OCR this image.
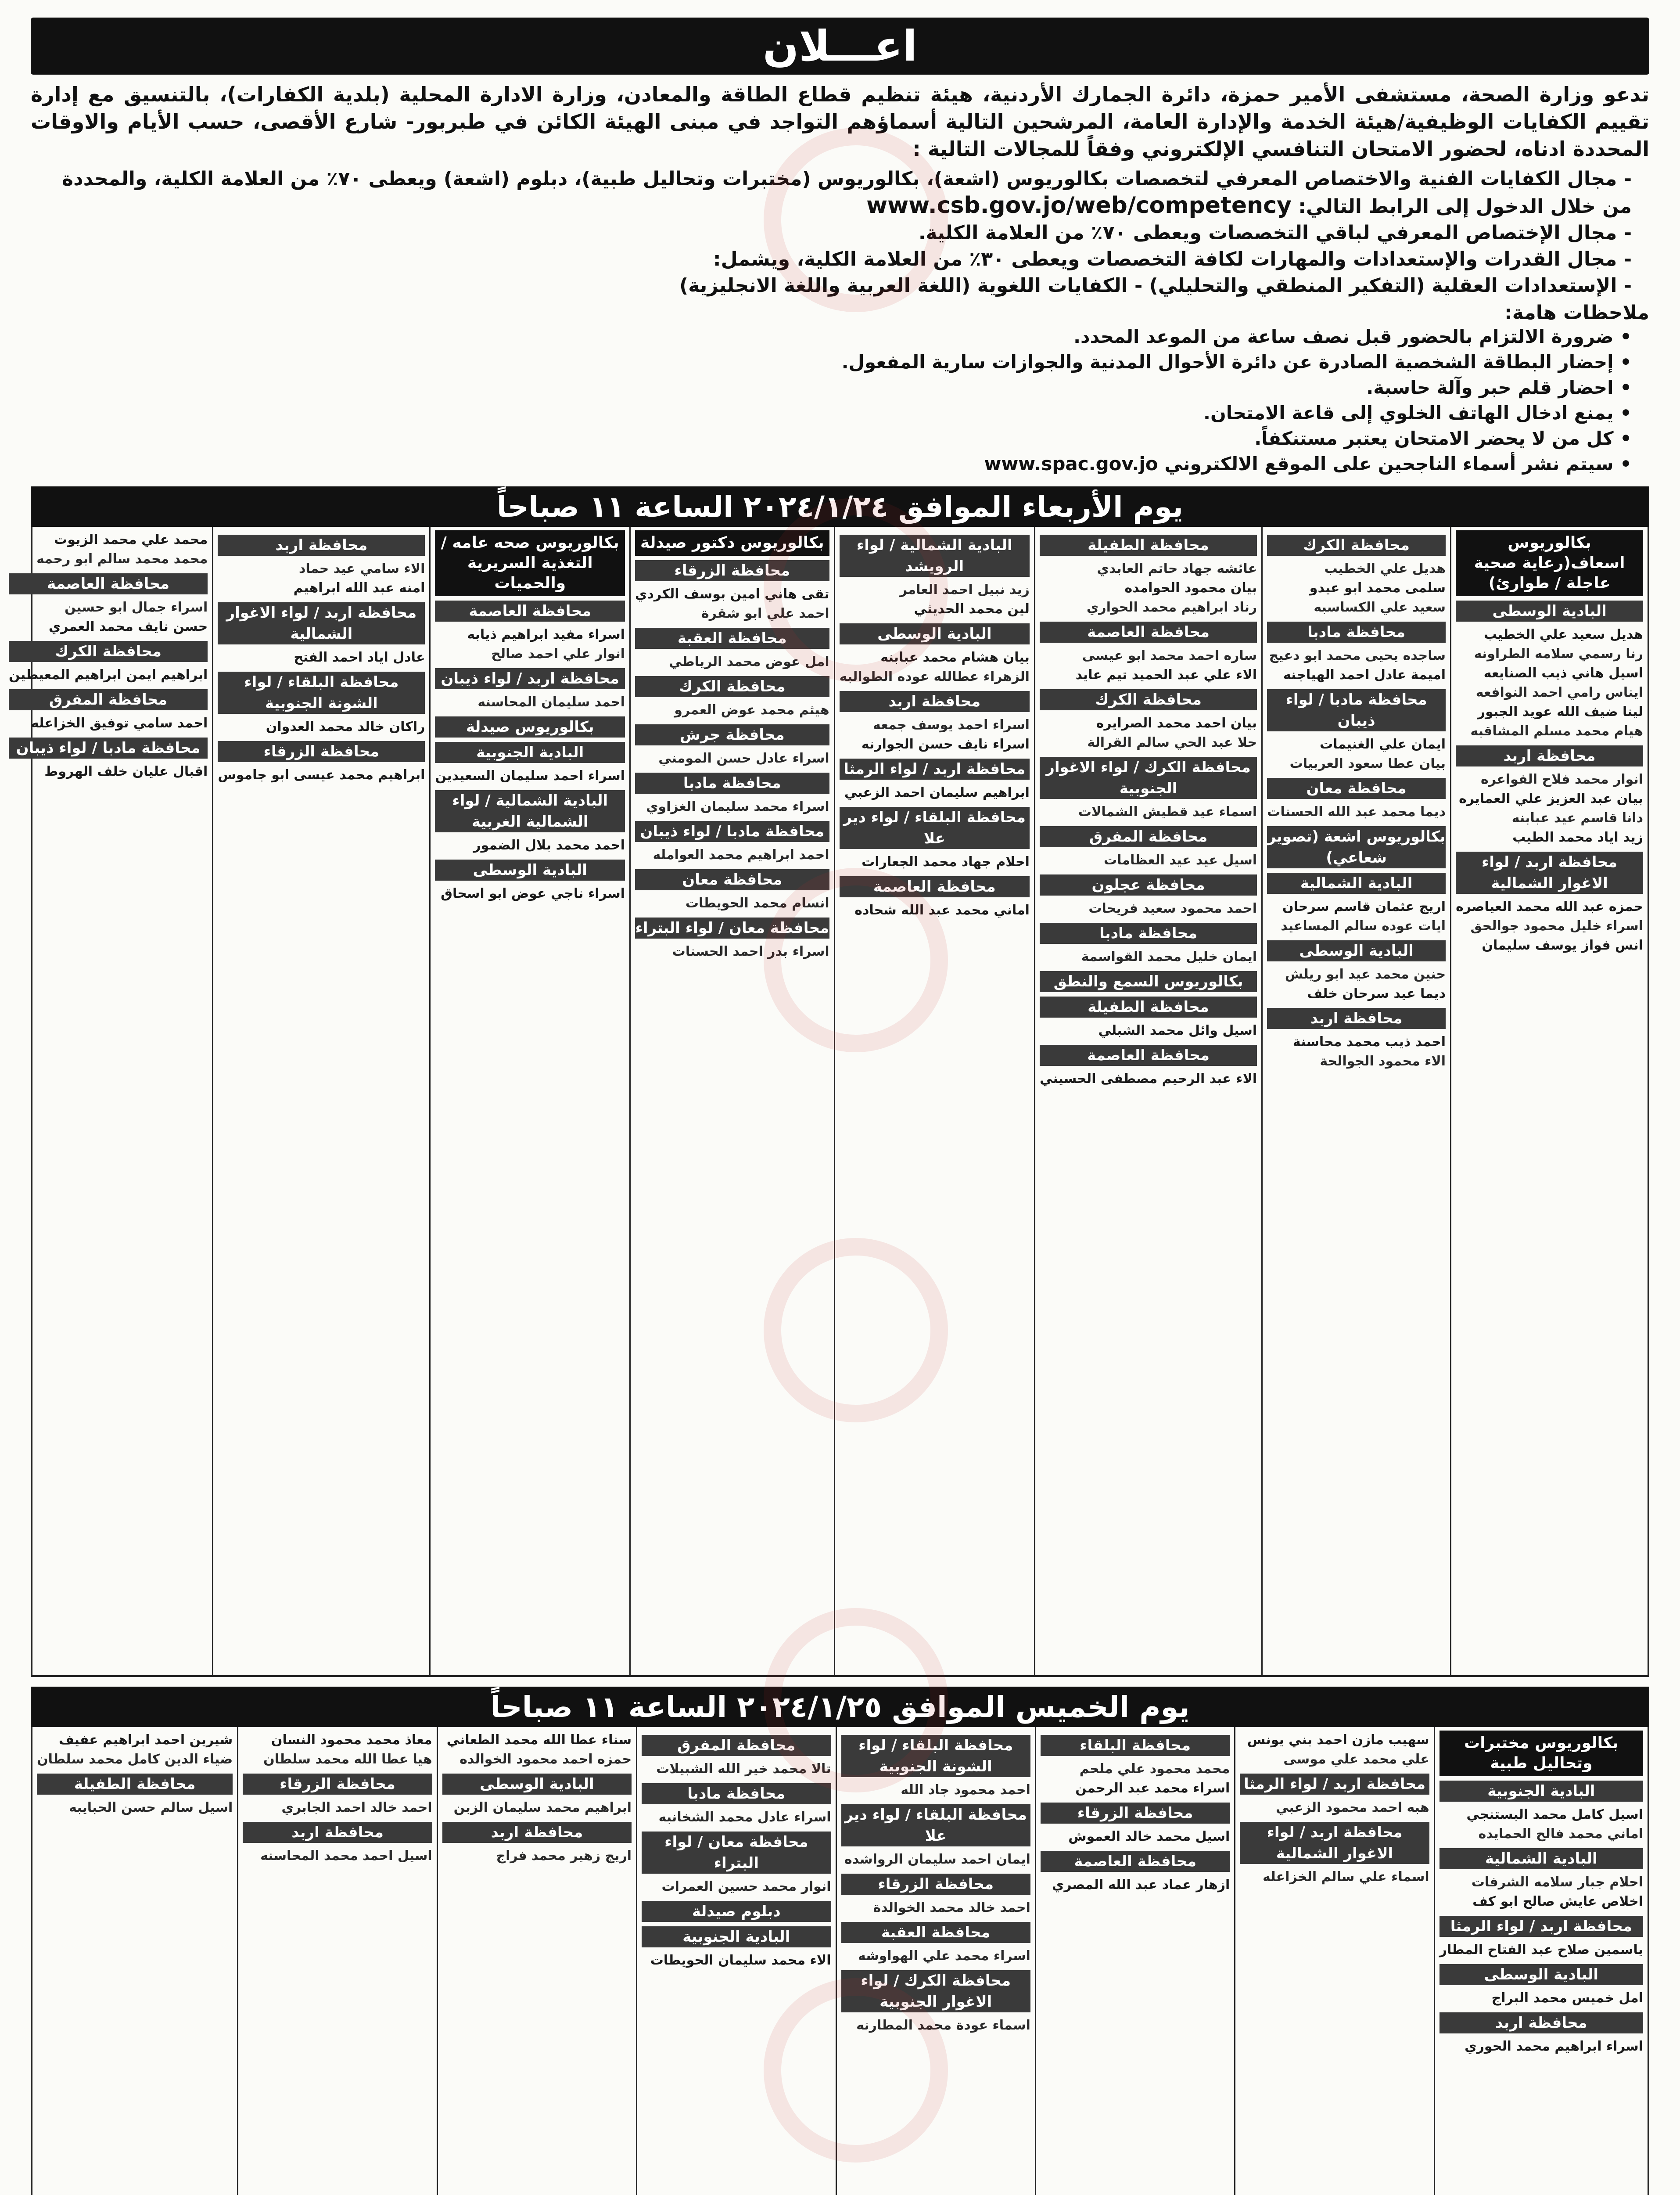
اعـــلان

تدعو وزارة الصحة، مستشفى الأمير حمزة، دائرة الجمارك الأردنية، هيئة تنظيم قطاع الطاقة والمعادن، وزارة الادارة المحلية (بلدية الكفارات)، بالتنسيق مع إدارة تقييم الكفايات الوظيفية/هيئة الخدمة والإدارة العامة، المرشحين التالية أسماؤهم التواجد في مبنى الهيئة الكائن في طبربور- شارع الأقصى، حسب الأيام والاوقات المحددة ادناه، لحضور الامتحان التنافسي الإلكتروني وفقاً للمجالات التالية :

- مجال الكفايات الفنية والاختصاص المعرفي لتخصصات بكالوريوس (اشعة)، بكالوريوس (مختبرات وتحاليل طبية)، دبلوم (اشعة) ويعطى ٧٠٪ من العلامة الكلية، والمحددة من خلال الدخول إلى الرابط التالي: www.csb.gov.jo/web/competency
- مجال الإختصاص المعرفي لباقي التخصصات ويعطى ٧٠٪ من العلامة الكلية.
- مجال القدرات والإستعدادات والمهارات لكافة التخصصات ويعطى ٣٠٪ من العلامة الكلية، ويشمل:
- الإستعدادات العقلية (التفكير المنطقي والتحليلي) - الكفايات اللغوية (اللغة العربية واللغة الانجليزية)
ملاحظات هامة:
• ضرورة الالتزام بالحضور قبل نصف ساعة من الموعد المحدد.
• إحضار البطاقة الشخصية الصادرة عن دائرة الأحوال المدنية والجوازات سارية المفعول.
• احضار قلم حبر وآلة حاسبة.
• يمنع ادخال الهاتف الخلوي إلى قاعة الامتحان.
• كل من لا يحضر الامتحان يعتبر مستنكفاً.
• سيتم نشر أسماء الناجحين على الموقع الالكتروني www.spac.gov.jo
يوم الأربعاء الموافق ٢٠٢٤/١/٢٤ الساعة ١١ صباحاً
بكالوريوس اسعاف(رعاية صحية عاجلة / طوارئ)
البادية الوسطى
هديل سعيد علي الخطيب
رنا رسمي سلامه الطراونه
اسيل هاني ذيب الصنايعه
ايناس رامي احمد النوافعه
لينا ضيف الله عويد الجبور
هيام محمد مسلم المشاقبه
محافظة اربد
انوار محمد فلاح الفواعره
بيان عبد العزيز علي العمايره
دانا قاسم عيد عبابنه
زيد اياد محمد الطيب
محافظة اربد / لواء الاغوار الشمالية
حمزه عبد الله محمد العياصره
اسراء خليل محمود جوالحق
انس فواز يوسف سليمان
محافظة الكرك
هديل علي الخطيب
سلمى محمد ابو عيدو
سعيد علي الكساسبه
محافظة مادبا
ساجده يحيى محمد ابو دعيج
اميمة عادل احمد الهياجنه
محافظة مادبا / لواء ذيبان
ايمان علي الغنيمات
بيان عطا سعود العربيات
محافظة معان
ديما محمد عبد الله الحسنات
بكالوريوس اشعة (تصوير شعاعي)
البادية الشمالية
اريج عثمان قاسم سرحان
ايات عوده سالم المساعيد
البادية الوسطى
حنين محمد عيد ابو ريلش
ديما عيد سرحان خلف
محافظة اربد
احمد ذيب محمد محاسنة
الاء محمود الجوالحة
محافظة الطفيلة
عائشه جهاد حاتم العابدي
بيان محمود الحوامده
رناد ابراهيم محمد الحواري
محافظة العاصمة
ساره احمد محمد ابو عيسى
الاء علي عبد الحميد تيم عايد
محافظة الكرك
بيان احمد محمد الصرايره
حلا عبد الحي سالم القرالة
محافظة الكرك / لواء الاغوار الجنوبية
اسماء عيد قطيش الشمالات
محافظة المفرق
اسيل عيد عيد العظامات
محافظة عجلون
احمد محمود سعيد فريحات
محافظة مادبا
ايمان خليل محمد القواسمة
بكالوريوس السمع والنطق
محافظة الطفيلة
اسيل وائل محمد الشبلي
محافظة العاصمة
الاء عبد الرحيم مصطفى الحسيني
البادية الشمالية / لواء الرويشد
زيد نبيل احمد العامر
لين محمد الحديثي
البادية الوسطى
بيان هشام محمد عبابنه
الزهراء عطالله عوده الطوالبه
محافظة اربد
اسراء احمد يوسف جمعه
اسراء نايف حسن الجوارنه
محافظة اربد / لواء الرمثا
ابراهيم سليمان احمد الزعبي
محافظة البلقاء / لواء دير علا
احلام جهاد محمد الجعارات
محافظة العاصمة
اماني محمد عبد الله شحاده
بكالوريوس دكتور صيدلة
محافظة الزرقاء
تقى هاني امين بوسف الكردي
احمد علي ابو شقرة
محافظة العقبة
امل عوض محمد الرياطي
محافظة الكرك
هيثم محمد عوض العمرو
محافظة جرش
اسراء عادل حسن المومني
محافظة مادبا
اسراء محمد سليمان الغزاوي
محافظة مادبا / لواء ذيبان
احمد ابراهيم محمد العوامله
محافظة معان
انسام محمد الحويطات
محافظة معان / لواء البتراء
اسراء بدر احمد الحسنات
بكالوريوس صحه عامه / التغذية السريرية والحميات
محافظة العاصمة
اسراء مفيد ابراهيم ذيابه
انوار علي احمد صالح
محافظة اربد / لواء ذيبان
احمد سليمان المحاسنه
بكالوريوس صيدلة
البادية الجنوبية
اسراء احمد سليمان السعيدين
البادية الشمالية / لواء الشمالية الغربية
احمد محمد بلال الضمور
البادية الوسطى
اسراء ناجي عوض ابو اسحاق
محافظة اربد
الاء سامي عيد حماد
امنه عبد الله ابراهيم
محافظة اربد / لواء الاغوار الشمالية
عادل اياد احمد الفتح
محافظة البلقاء / لواء الشونة الجنوبية
راكان خالد محمد العدوان
محافظة الزرقاء
ابراهيم محمد عيسى ابو جاموس
محمد علي محمد الزيوت
محمد محمد سالم ابو رحمه
محافظة العاصمة
اسراء جمال ابو حسين
حسن نايف محمد العمري
محافظة الكرك
ابراهيم ايمن ابراهيم المعيطين
محافظة المفرق
احمد سامي توفيق الخزاعله
محافظة مادبا / لواء ذيبان
اقبال عليان خلف الهروط
يوم الخميس الموافق ٢٠٢٤/١/٢٥ الساعة ١١ صباحاً
بكالوريوس مختبرات وتحاليل طبية
البادية الجنوبية
اسيل كامل محمد البستنجي
اماني محمد فالح الحمايده
البادية الشمالية
احلام جبار سلامه الشرفات
اخلاص عايش صالح ابو كف
محافظة اربد / لواء الرمثا
ياسمين صلاح عبد الفتاح المطار
البادية الوسطى
امل خميس محمد البراج
محافظة اربد
اسراء ابراهيم محمد الحوري
سهيب مازن احمد بني يونس
علي محمد علي موسى
محافظة اربد / لواء الرمثا
هبه احمد محمود الزعبي
محافظة اربد / لواء الاغوار الشمالية
اسماء علي سالم الخزاعله
محافظة البلقاء
محمد محمود علي ملحم
اسراء محمد عبد الرحمن
محافظة الزرقاء
اسيل محمد خالد العموش
محافظة العاصمة
ازهار عماد عبد الله المصري
محافظة البلقاء / لواء الشونة الجنوبية
احمد محمود جاد الله
محافظة البلقاء / لواء دير علا
ايمان احمد سليمان الرواشده
محافظة الزرقاء
احمد خالد محمد الخوالدة
محافظة العقبة
اسراء محمد علي الهواوشه
محافظة الكرك / لواء الاغوار الجنوبية
اسماء عودة محمد المطارنه
محافظة المفرق
تالا محمد خير الله الشبيلات
محافظة مادبا
اسراء عادل محمد الشخانبه
محافظة معان / لواء البتراء
انوار محمد حسين العمرات
دبلوم صيدلة
البادية الجنوبية
الاء محمد سليمان الحويطات
سناء عطا الله محمد الطعاني
حمزه احمد محمود الخوالده
البادية الوسطى
ابراهيم محمد سليمان الزبن
محافظة اربد
اريج زهير محمد فراج
معاذ محمد محمود النسان
هيا عطا الله محمد سلطان
محافظة الزرقاء
احمد خالد احمد الجابري
محافظة اربد
اسيل احمد محمد المحاسنه
شيرين احمد ابراهيم عفيف
ضياء الدين كامل محمد سلطان
محافظة الطفيلة
اسيل سالم حسن الحبايبه
